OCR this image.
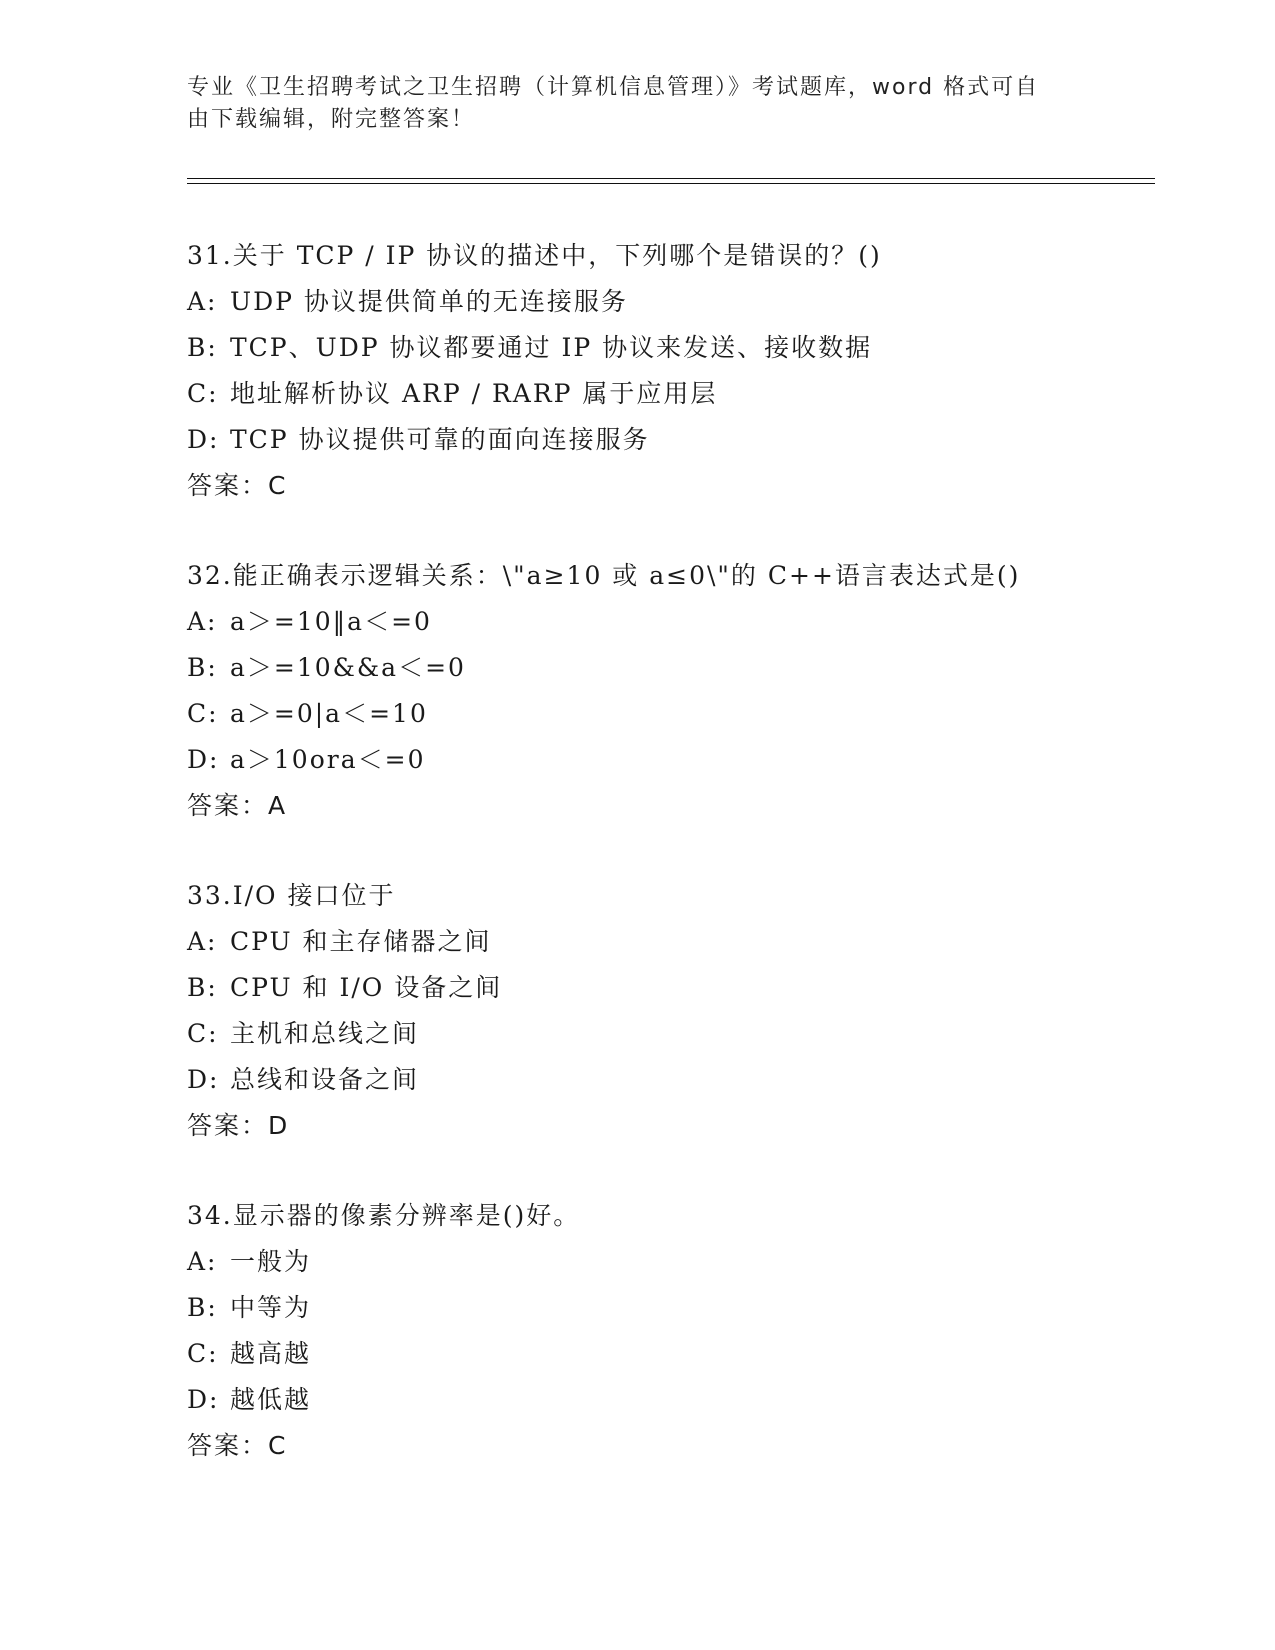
专业《卫生招聘考试之卫生招聘（计算机信息管理）》考试题库，word 格式可自
由下载编辑，附完整答案！
31.关于 TCP / IP 协议的描述中，下列哪个是错误的？()
A: UDP 协议提供简单的无连接服务
B: TCP、UDP 协议都要通过 IP 协议来发送、接收数据
C: 地址解析协议 ARP / RARP 属于应用层
D: TCP 协议提供可靠的面向连接服务
答案：C
32.能正确表示逻辑关系：\"a≥10 或 a≤0\"的 C++语言表达式是()
A: a＞=10‖a＜=0
B: a＞=10&&a＜=0
C: a＞=0|a＜=10
D: a＞10ora＜=0
答案：A
33.I/O 接口位于
A: CPU 和主存储器之间
B: CPU 和 I/O 设备之间
C: 主机和总线之间
D: 总线和设备之间
答案：D
34.显示器的像素分辨率是()好。
A: 一般为
B: 中等为
C: 越高越
D: 越低越
答案：C
